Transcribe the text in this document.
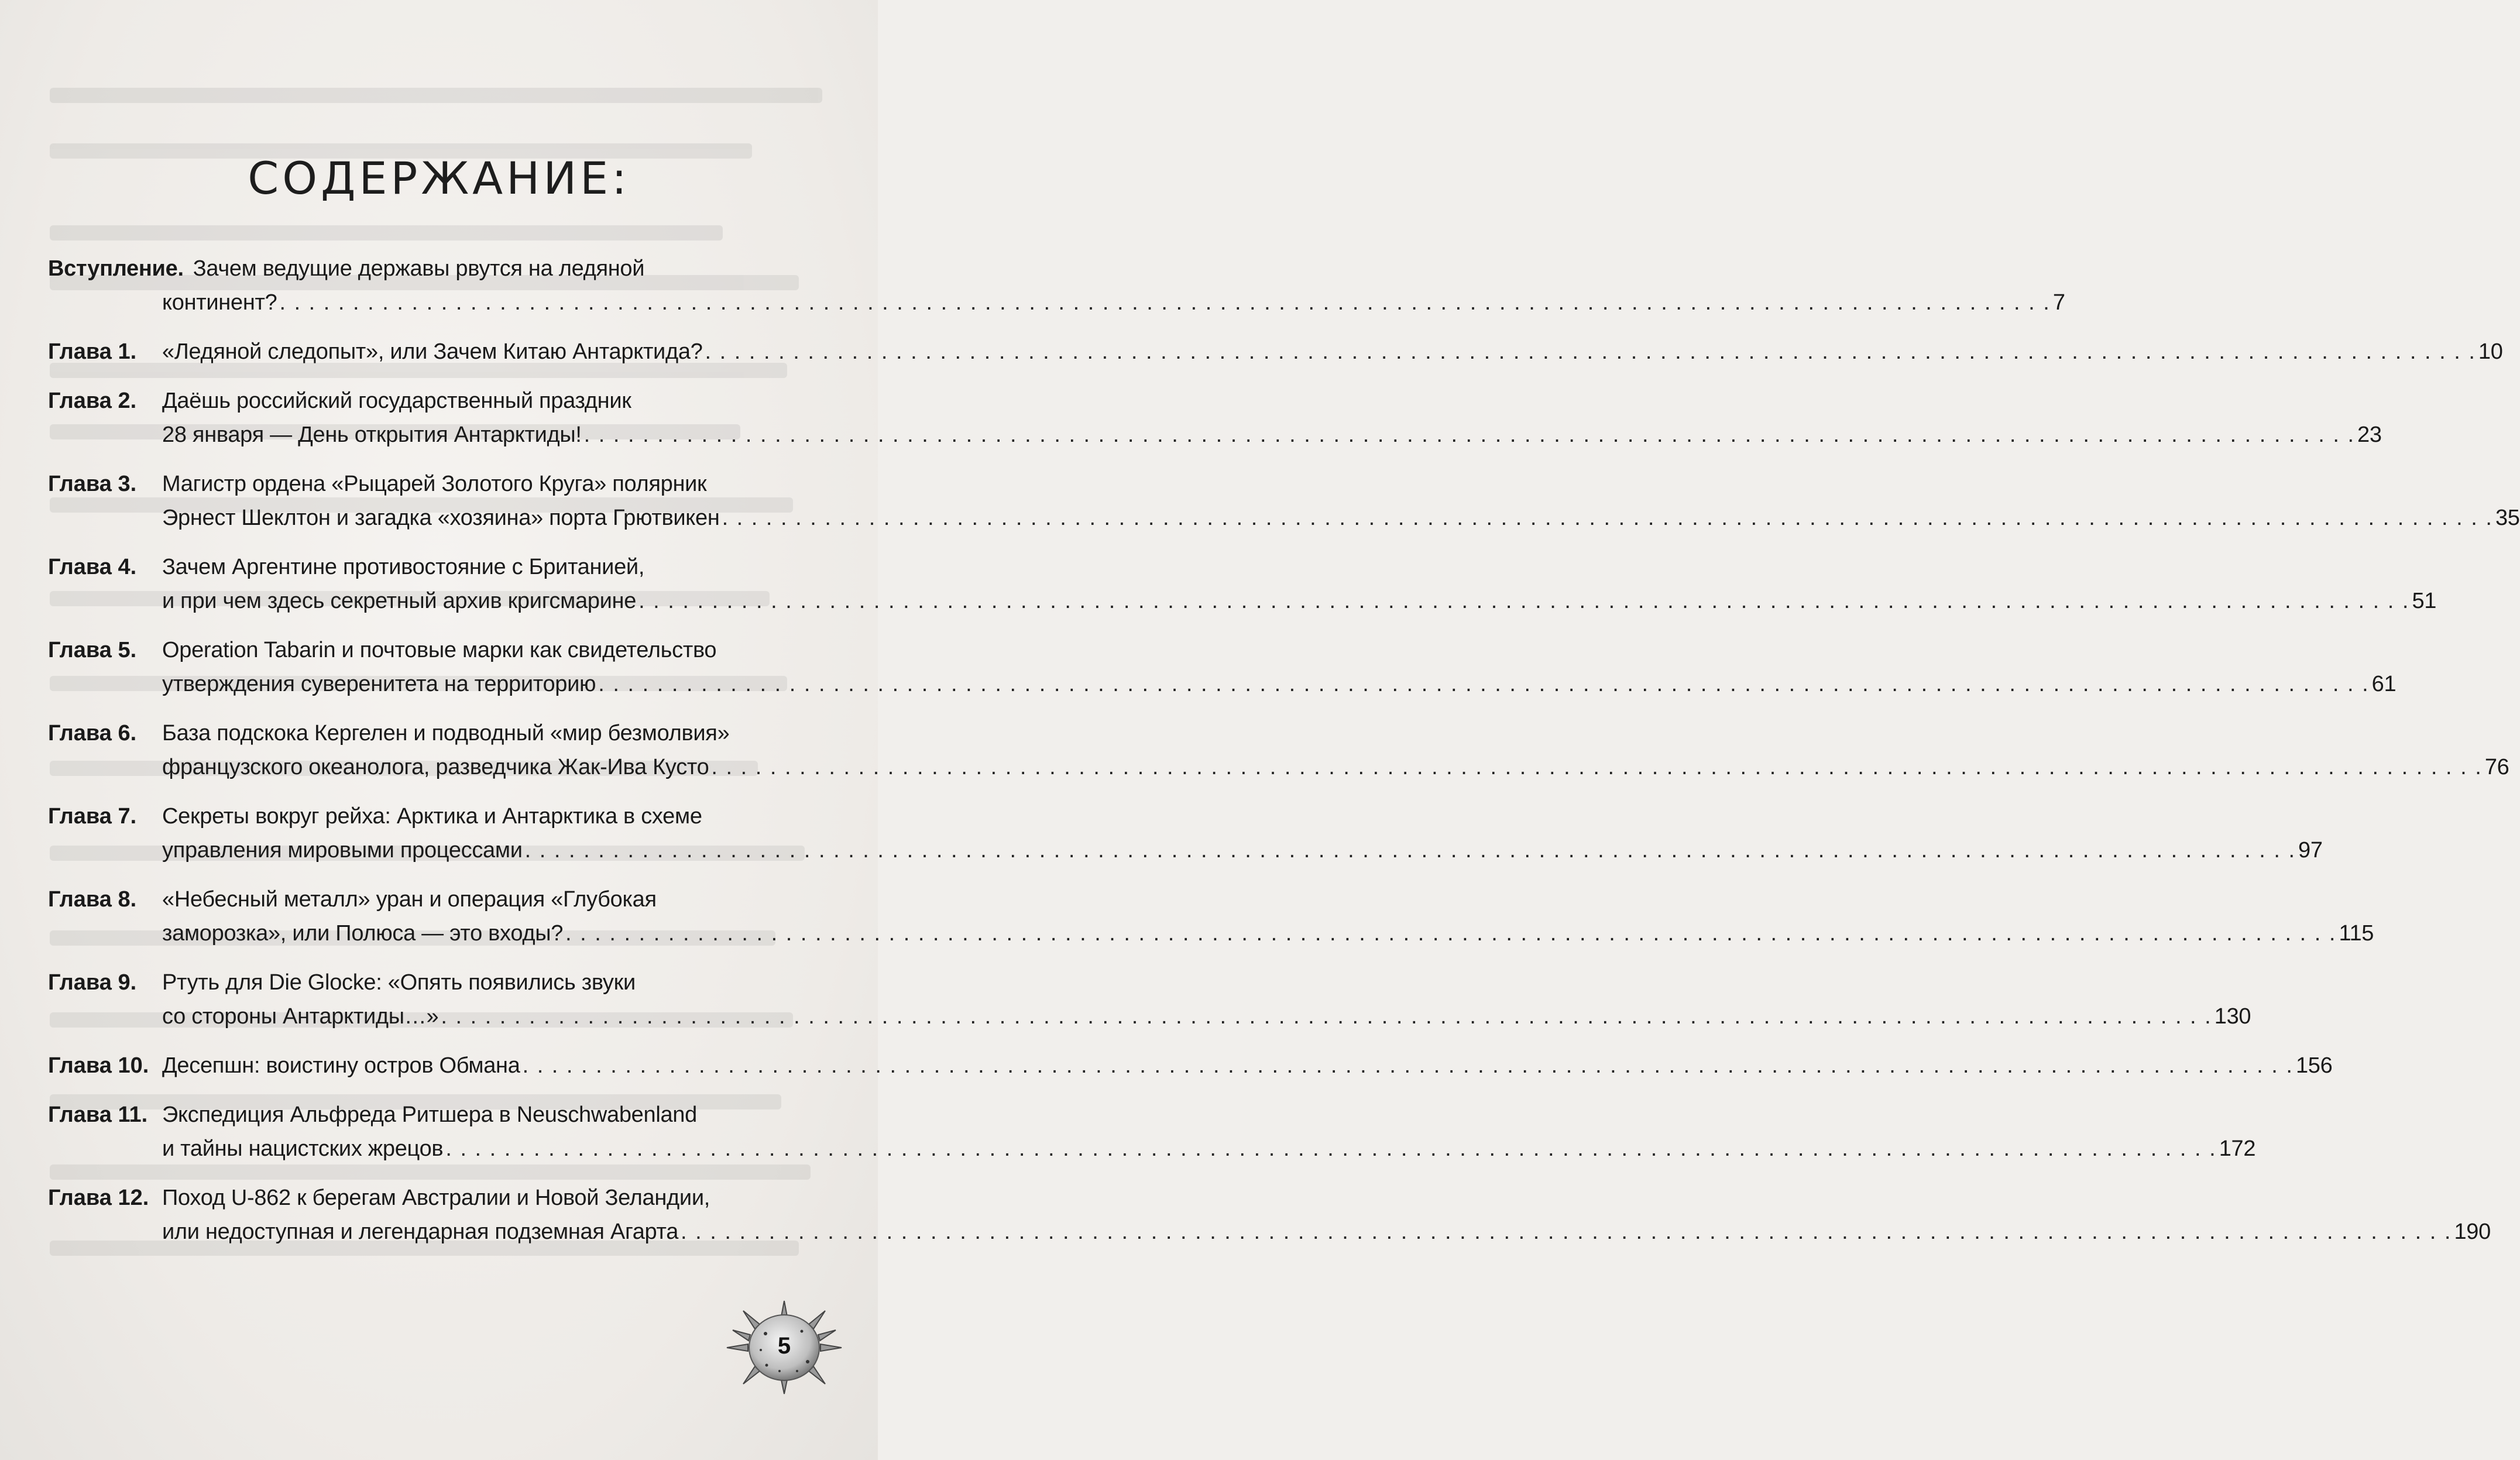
СОДЕРЖАНИЕ:
Вступление. Зачем ведущие державы рвутся на ледяной
континент? . . .	7
Глава 1.	«Ледяной следопыт», или Зачем Китаю Антарктида? . . .	10
Глава 2.	Даёшь российский государственный праздник
28 января — День открытия Антарктиды! . . .	23
Глава 3.	Магистр ордена «Рыцарей Золотого Круга» полярник
Эрнест Шеклтон и загадка «хозяина» порта Грютвикен . . .	35
Глава 4.	Зачем Аргентине противостояние с Британией,
и при чем здесь секретный архив кригсмарине . . .	51
Глава 5.	Operation Tabarin и почтовые марки как свидетельство
утверждения суверенитета на территорию . . .	61
Глава 6.	База подскока Кергелен и подводный «мир безмолвия»
французского океанолога, разведчика Жак-Ива Кусто . . .	76
Глава 7.	Секреты вокруг рейха: Арктика и Антарктика в схеме
управления мировыми процессами . . .	97
Глава 8.	«Небесный металл» уран и операция «Глубокая
заморозка», или Полюса — это входы? . . .	115
Глава 9.	Ртуть для Die Glocke: «Опять появились звуки
со стороны Антарктиды…» . . .	130
Глава 10. Десепшн: воистину остров Обмана . . .	156
Глава 11. Экспедиция Альфреда Ритшера в Neuschwabenland
и тайны нацистских жрецов . . .	172
Глава 12. Поход U-862 к берегам Австралии и Новой Зеландии,
или недоступная и легендарная подземная Агарта . . .	190
5
